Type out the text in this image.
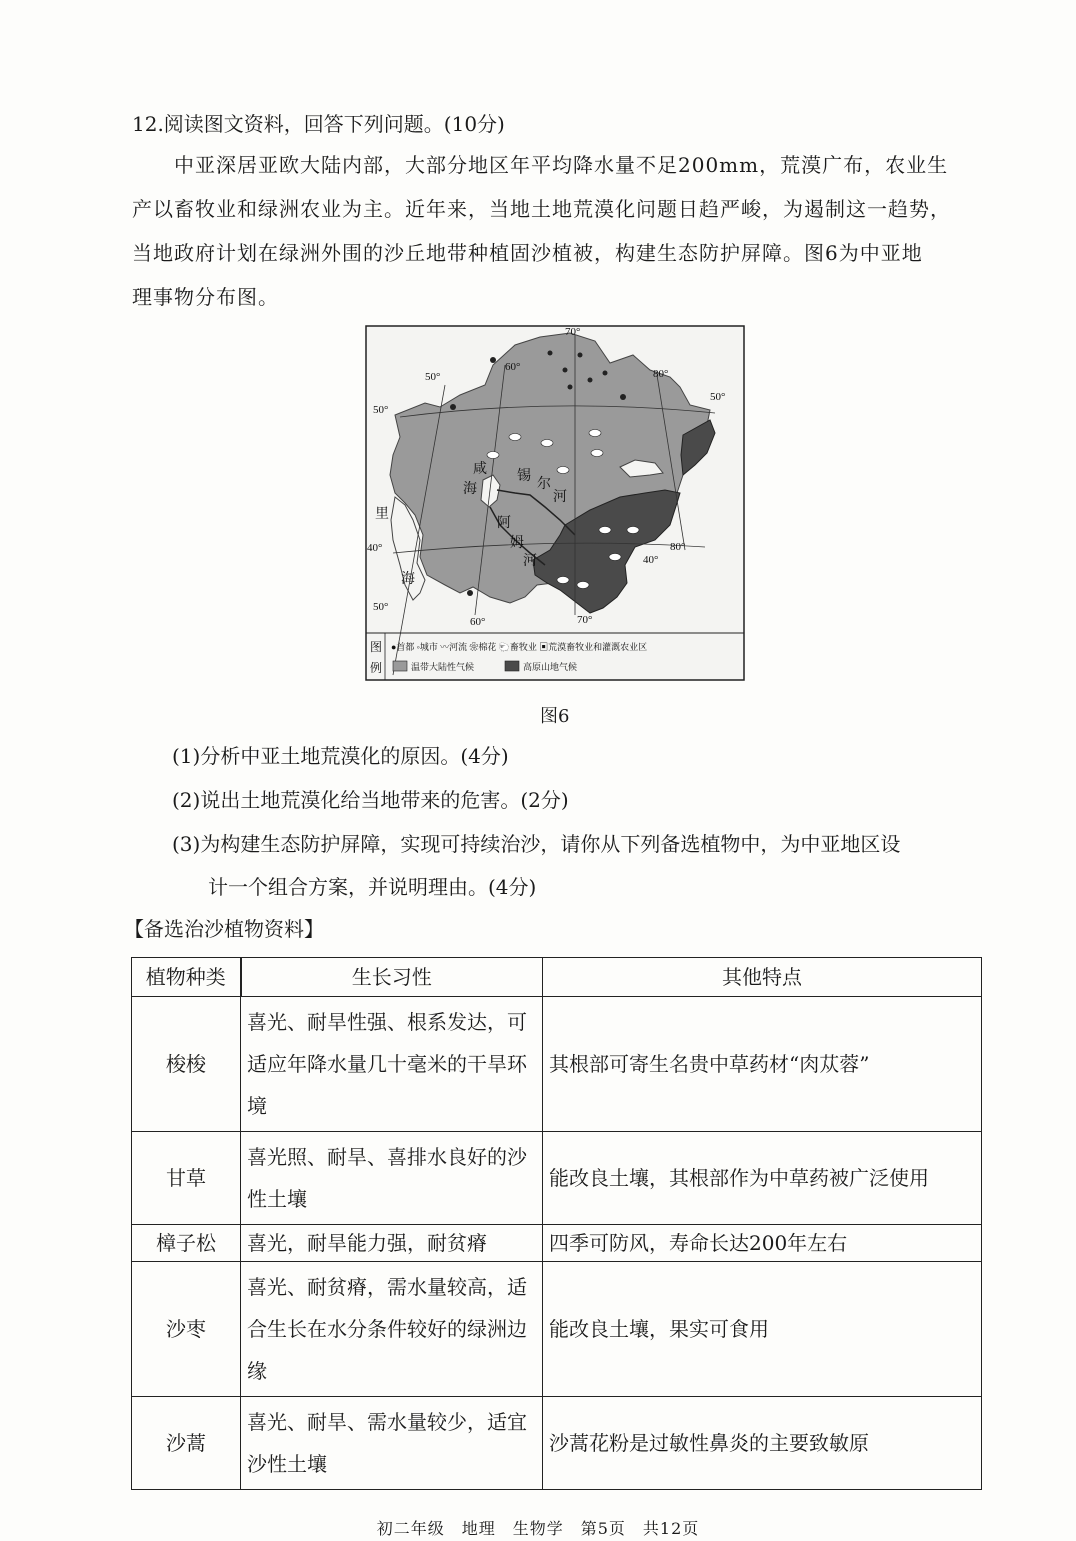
12.阅读图文资料，回答下列问题。(10分)

中亚深居亚欧大陆内部，大部分地区年平均降水量不足200mm，荒漠广布，农业生

产以畜牧业和绿洲农业为主。近年来，当地土地荒漠化问题日趋严峻，为遏制这一趋势，

当地政府计划在绿洲外围的沙丘地带种植固沙植被，构建生态防护屏障。图6为中亚地

理事物分布图。

50°
50°
60°
70°
80°
50°
80°
40°
40°
50°
60°	70°
里
海
咸
海
锡
尔
河
阿
姆
河
图
例
●首都 ◦城市 〰河流 ❀棉花 🐑畜牧业 ▣荒漠畜牧业和灌溉农业区
温带大陆性气候	高原山地气候
图6
(1)分析中亚土地荒漠化的原因。(4分)
(2)说出土地荒漠化给当地带来的危害。(2分)
(3)为构建生态防护屏障，实现可持续治沙，请你从下列备选植物中，为中亚地区设
计一个组合方案，并说明理由。(4分)
【备选治沙植物资料】
植物种类	生长习性	其他特点
梭梭	喜光、耐旱性强、根系发达，可适应年降水量几十毫米的干旱环境	其根部可寄生名贵中草药材“肉苁蓉”
甘草	喜光照、耐旱、喜排水良好的沙性土壤	能改良土壤，其根部作为中草药被广泛使用
樟子松	喜光，耐旱能力强，耐贫瘠	四季可防风，寿命长达200年左右
沙枣	喜光、耐贫瘠，需水量较高，适合生长在水分条件较好的绿洲边缘	能改良土壤，果实可食用
沙蒿	喜光、耐旱、需水量较少，适宜沙性土壤	沙蒿花粉是过敏性鼻炎的主要致敏原
初二年级　地理　生物学　第5页　共12页
